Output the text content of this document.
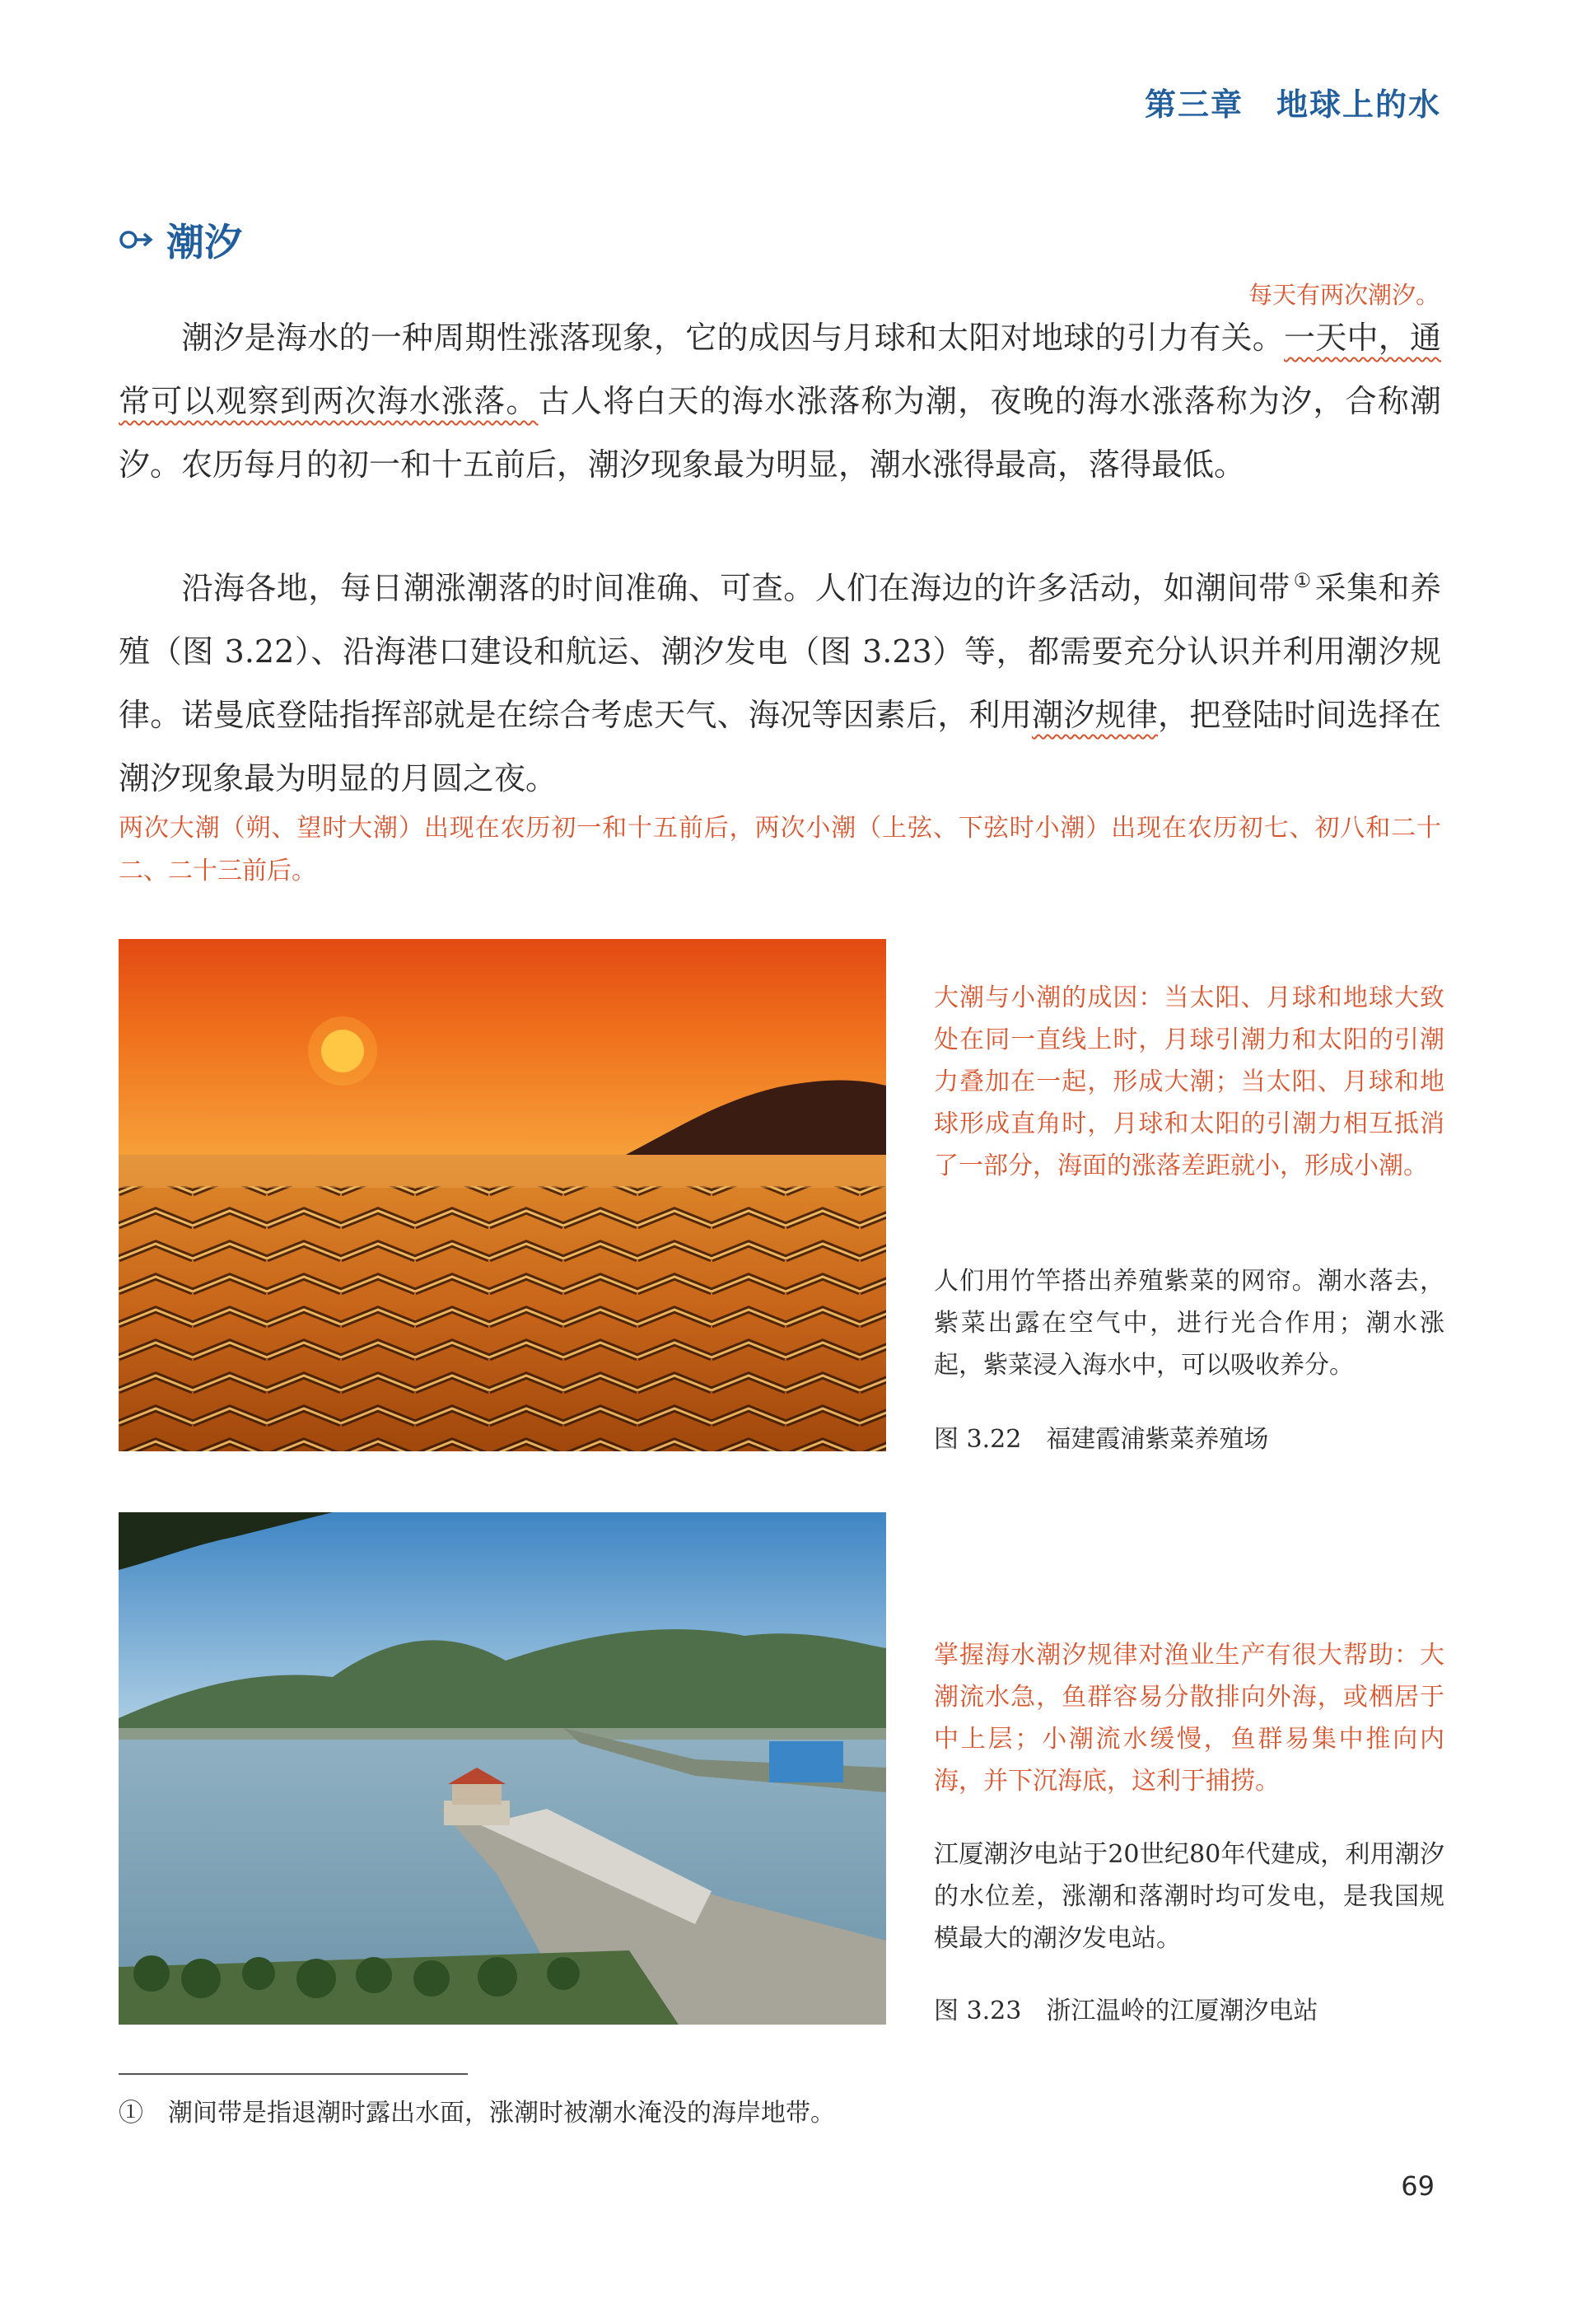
第三章　地球上的水
潮汐
每天有两次潮汐。
潮汐是海水的一种周期性涨落现象，它的成因与月球和太阳对地球的引力有关。一天中，通常可以观察到两次海水涨落。古人将白天的海水涨落称为潮，夜晚的海水涨落称为汐，合称潮汐。农历每月的初一和十五前后，潮汐现象最为明显，潮水涨得最高，落得最低。
沿海各地，每日潮涨潮落的时间准确、可查。人们在海边的许多活动，如潮间带 ① 采集和养殖（图 3.22）、沿海港口建设和航运、潮汐发电（图 3.23）等，都需要充分认识并利用潮汐规律。诺曼底登陆指挥部就是在综合考虑天气、海况等因素后，利用潮汐规律，把登陆时间选择在潮汐现象最为明显的月圆之夜。
两次大潮（朔、望时大潮）出现在农历初一和十五前后，两次小潮（上弦、下弦时小潮）出现在农历初七、初八和二十二、二十三前后。
大潮与小潮的成因：当太阳、月球和地球大致处在同一直线上时，月球引潮力和太阳的引潮力叠加在一起，形成大潮；当太阳、月球和地球形成直角时，月球和太阳的引潮力相互抵消了一部分，海面的涨落差距就小，形成小潮。
人们用竹竿搭出养殖紫菜的网帘。潮水落去，紫菜出露在空气中，进行光合作用；潮水涨起，紫菜浸入海水中，可以吸收养分。
图 3.22　福建霞浦紫菜养殖场
掌握海水潮汐规律对渔业生产有很大帮助：大潮流水急，鱼群容易分散排向外海，或栖居于中上层；小潮流水缓慢，鱼群易集中推向内海，并下沉海底，这利于捕捞。
江厦潮汐电站于20世纪80年代建成，利用潮汐的水位差，涨潮和落潮时均可发电，是我国规模最大的潮汐发电站。
图 3.23　浙江温岭的江厦潮汐电站
①　潮间带是指退潮时露出水面，涨潮时被潮水淹没的海岸地带。
69
